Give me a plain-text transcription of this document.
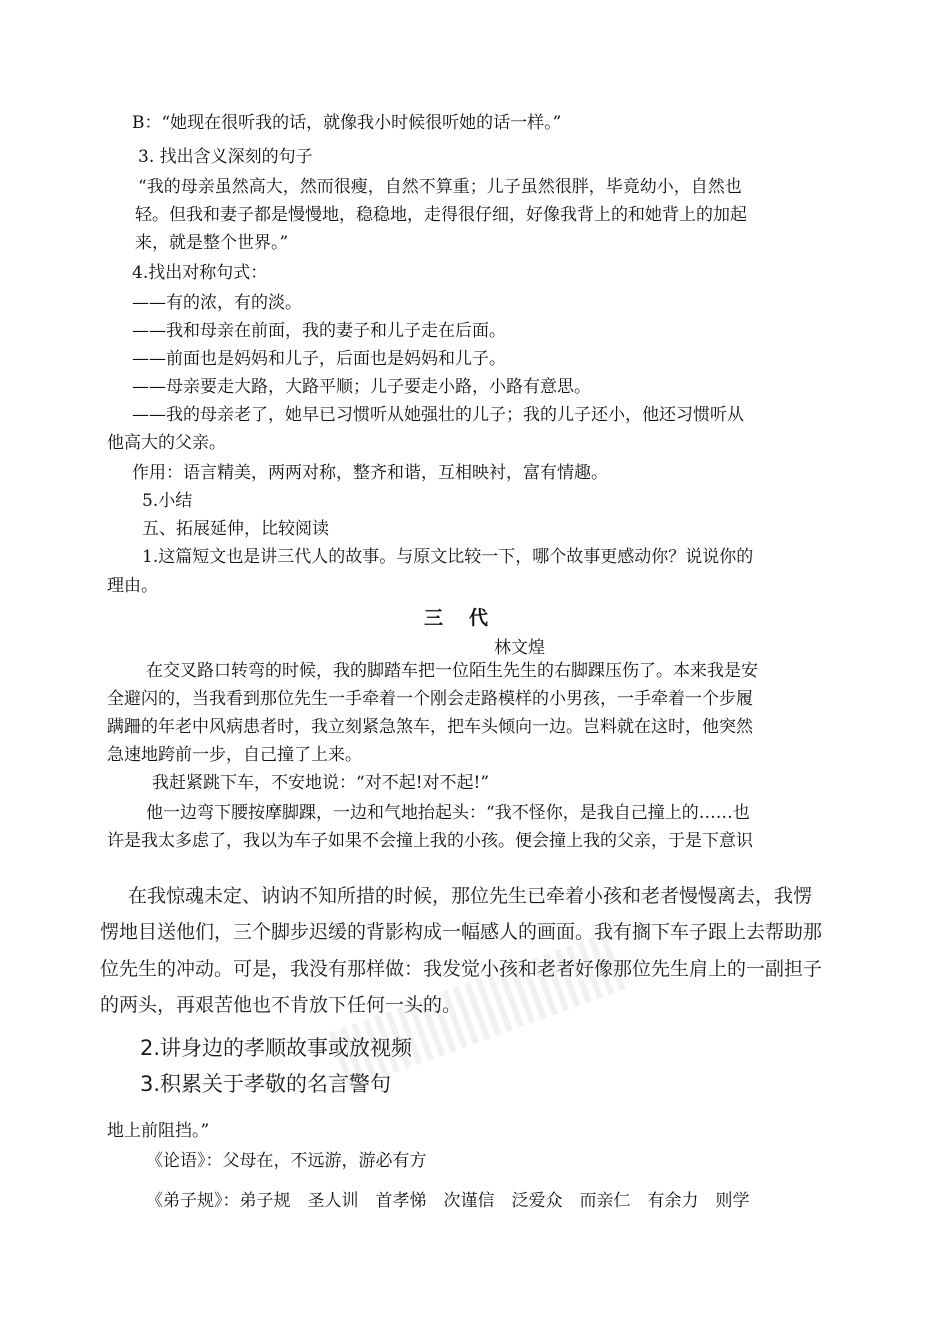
B：“她现在很听我的话，就像我小时候很听她的话一样。”
3. 找出含义深刻的句子
“我的母亲虽然高大，然而很瘦，自然不算重；儿子虽然很胖，毕竟幼小，自然也
轻。但我和妻子都是慢慢地，稳稳地，走得很仔细，好像我背上的和她背上的加起
来，就是整个世界。”
4.找出对称句式：
——有的浓，有的淡。
——我和母亲在前面，我的妻子和儿子走在后面。
——前面也是妈妈和儿子，后面也是妈妈和儿子。
——母亲要走大路，大路平顺；儿子要走小路，小路有意思。
——我的母亲老了，她早已习惯听从她强壮的儿子；我的儿子还小，他还习惯听从
他高大的父亲。
作用：语言精美，两两对称，整齐和谐，互相映衬，富有情趣。
5.小结
五、拓展延伸，比较阅读
1.这篇短文也是讲三代人的故事。与原文比较一下，哪个故事更感动你？说说你的
理由。
三代
林文煌
在交叉路口转弯的时候，我的脚踏车把一位陌生先生的右脚踝压伤了。本来我是安
全避闪的，当我看到那位先生一手牵着一个刚会走路模样的小男孩，一手牵着一个步履
蹒跚的年老中风病患者时，我立刻紧急煞车，把车头倾向一边。岂料就在这时，他突然
急速地跨前一步，自己撞了上来。
我赶紧跳下车，不安地说：“对不起!对不起!”
他一边弯下腰按摩脚踝，一边和气地抬起头：“我不怪你，是我自己撞上的……也
许是我太多虑了，我以为车子如果不会撞上我的小孩。便会撞上我的父亲，于是下意识
在我惊魂未定、讷讷不知所措的时候，那位先生已牵着小孩和老者慢慢离去，我愣
愣地目送他们，三个脚步迟缓的背影构成一幅感人的画面。我有搁下车子跟上去帮助那
位先生的冲动。可是，我没有那样做：我发觉小孩和老者好像那位先生肩上的一副担子
的两头，再艰苦他也不肯放下任何一头的。
2.讲身边的孝顺故事或放视频
3.积累关于孝敬的名言警句
地上前阻挡。”
《论语》：父母在，不远游，游必有方
《弟子规》：弟子规　圣人训　首孝悌　次谨信　泛爱众　而亲仁　有余力　则学
